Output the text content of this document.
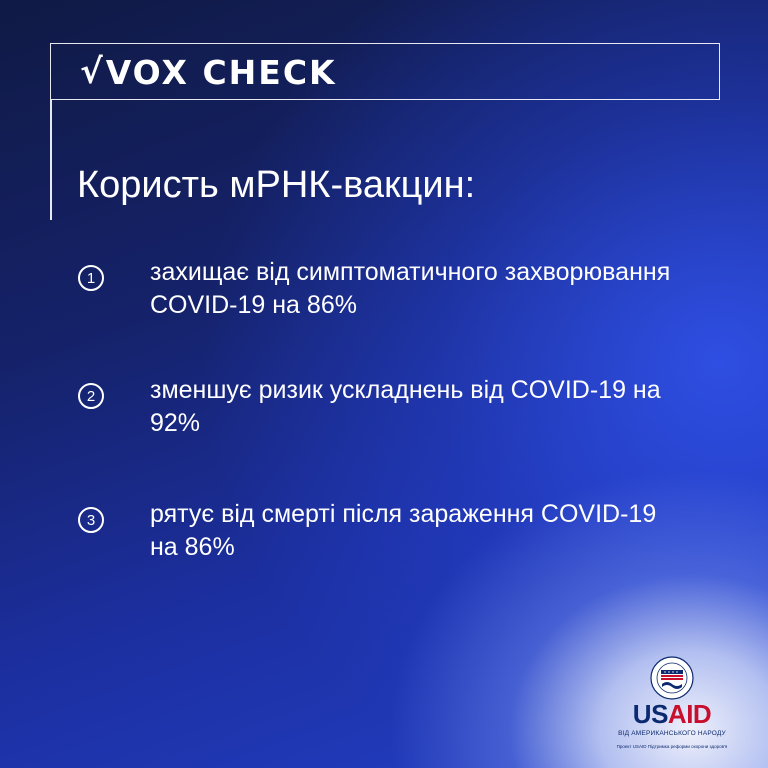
√ VOX CHECK
Користь мРНК-вакцин:
1	захищає від симптоматичного захворювання COVID-19 на 86%
2	зменшує ризик ускладнень від COVID-19 на 92%
3	рятує від смерті після зараження COVID-19 на 86%
USAID
ВІД АМЕРИКАНСЬКОГО НАРОДУ
Проект USAID Підтримка реформи охорони здоров'я
